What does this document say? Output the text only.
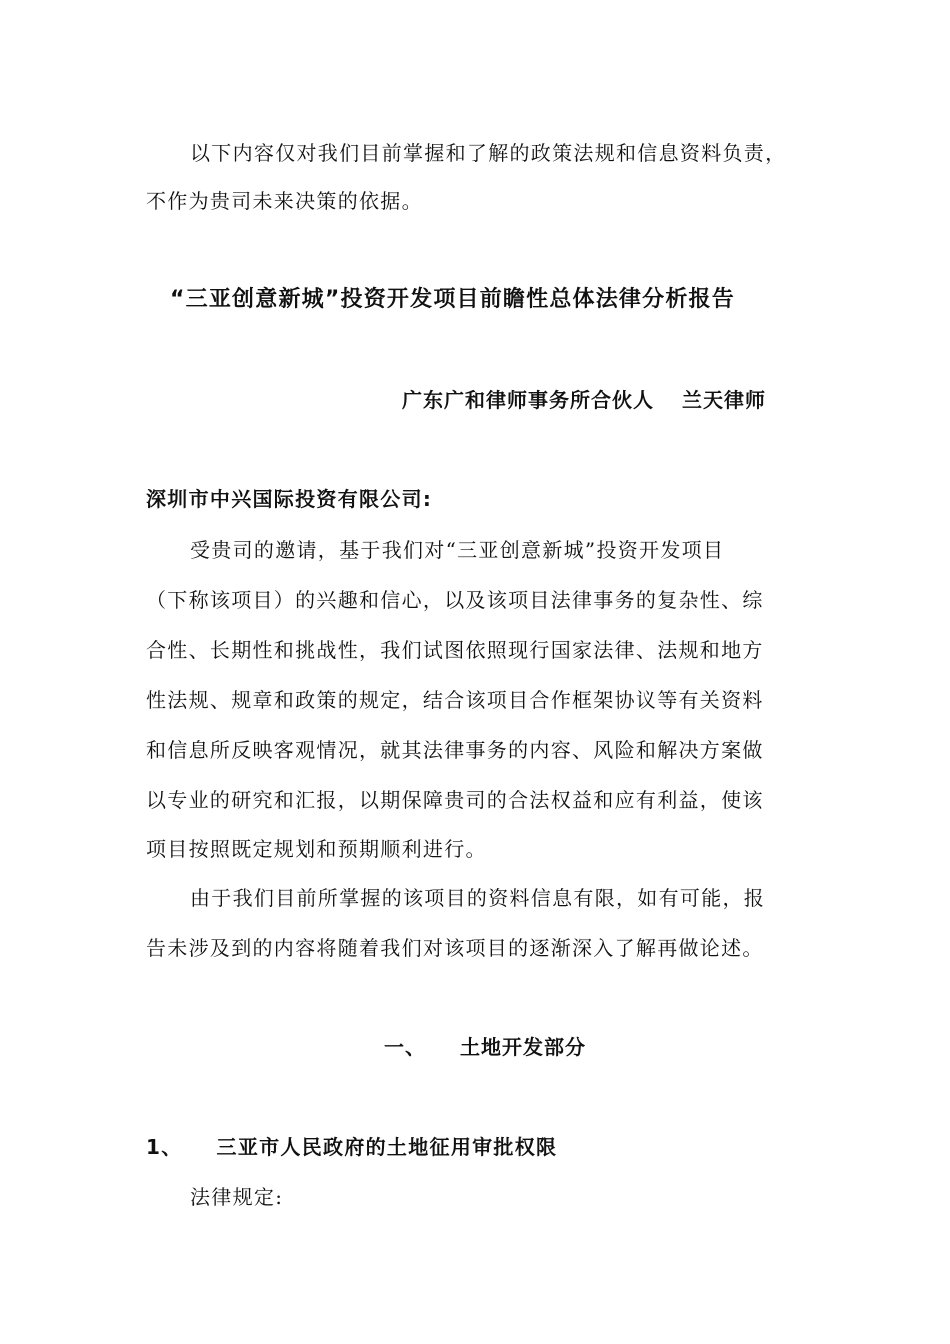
以下内容仅对我们目前掌握和了解的政策法规和信息资料负责，
不作为贵司未来决策的依据。
“三亚创意新城”投资开发项目前瞻性总体法律分析报告
广东广和律师事务所合伙人 兰天律师
深圳市中兴国际投资有限公司:
受贵司的邀请，基于我们对“三亚创意新城”投资开发项目
（下称该项目）的兴趣和信心，以及该项目法律事务的复杂性、综
合性、长期性和挑战性，我们试图依照现行国家法律、法规和地方
性法规、规章和政策的规定，结合该项目合作框架协议等有关资料
和信息所反映客观情况，就其法律事务的内容、风险和解决方案做
以专业的研究和汇报，以期保障贵司的合法权益和应有利益，使该
项目按照既定规划和预期顺利进行。
由于我们目前所掌握的该项目的资料信息有限，如有可能，报
告未涉及到的内容将随着我们对该项目的逐渐深入了解再做论述。
一、 土地开发部分
1、 三亚市人民政府的土地征用审批权限
法律规定:
